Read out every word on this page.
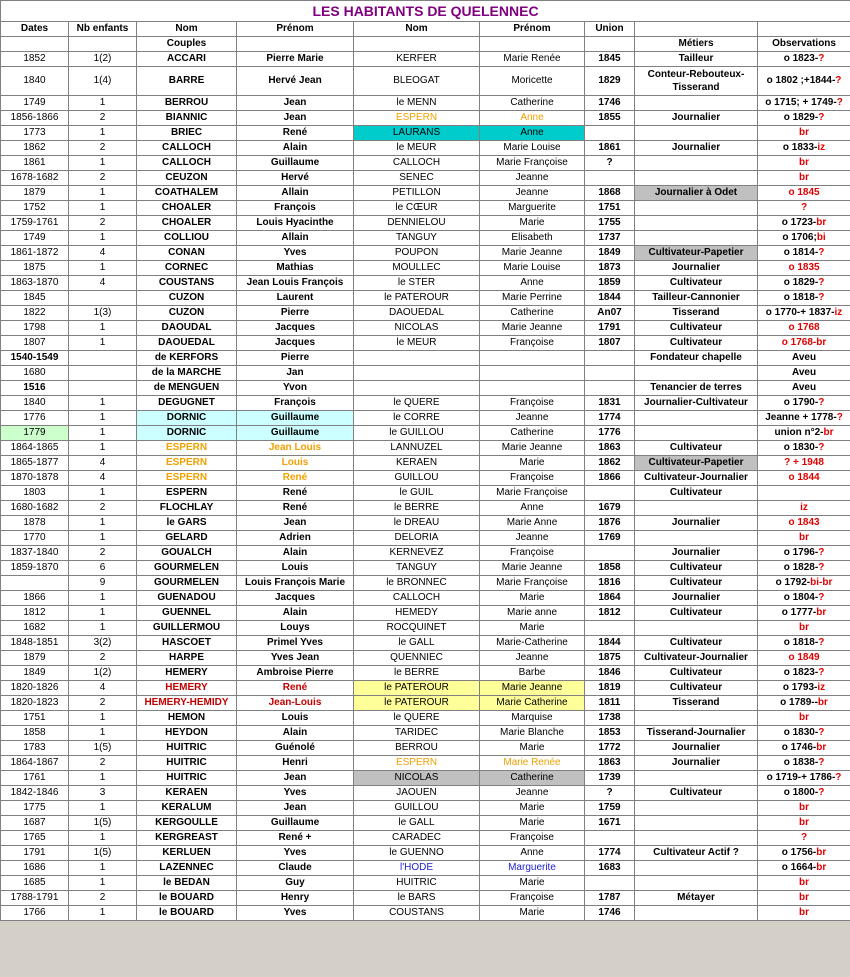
LES HABITANTS DE QUELENNEC								
Dates	Nb enfants	Nom	Prénom	Nom	Prénom	Union		
		Couples					Métiers	Observations
1852	1(2)	ACCARI	Pierre Marie	KERFER	Marie Renée	1845	Tailleur	o 1823-?
1840	1(4)	BARRE	Hervé Jean	BLEOGAT	Moricette	1829	Conteur-Rebouteux-Tisserand	o 1802 ;+1844-?
1749	1	BERROU	Jean	le MENN	Catherine	1746		o 1715; + 1749-?
1856-1866	2	BIANNIC	Jean	ESPERN	Anne	1855	Journalier	o 1829-?
1773	1	BRIEC	René	LAURANS	Anne			br
1862	2	CALLOCH	Alain	le MEUR	Marie Louise	1861	Journalier	o 1833-iz
1861	1	CALLOCH	Guillaume	CALLOCH	Marie Françoise	?		br
1678-1682	2	CEUZON	Hervé	SENEC	Jeanne			br
1879	1	COATHALEM	Allain	PETILLON	Jeanne	1868	Journalier à Odet	o 1845
1752	1	CHOALER	François	le CŒUR	Marguerite	1751		?
1759-1761	2	CHOALER	Louis Hyacinthe	DENNIELOU	Marie	1755		o 1723-br
1749	1	COLLIOU	Allain	TANGUY	Elisabeth	1737		o 1706;bi
1861-1872	4	CONAN	Yves	POUPON	Marie Jeanne	1849	Cultivateur-Papetier	o 1814-?
1875	1	CORNEC	Mathias	MOULLEC	Marie Louise	1873	Journalier	o 1835
1863-1870	4	COUSTANS	Jean Louis François	le STER	Anne	1859	Cultivateur	o 1829-?
1845		CUZON	Laurent	le PATEROUR	Marie Perrine	1844	Tailleur-Cannonier	o 1818-?
1822	1(3)	CUZON	Pierre	DAOUEDAL	Catherine	An07	Tisserand	o 1770-+ 1837-iz
1798	1	DAOUDAL	Jacques	NICOLAS	Marie Jeanne	1791	Cultivateur	o 1768
1807	1	DAOUEDAL	Jacques	le MEUR	Françoise	1807	Cultivateur	o 1768-br
1540-1549		de KERFORS	Pierre				Fondateur chapelle	Aveu
1680		de la MARCHE	Jan					Aveu
1516		de MENGUEN	Yvon				Tenancier de terres	Aveu
1840	1	DEGUGNET	François	le QUERE	Françoise	1831	Journalier-Cultivateur	o 1790-?
1776	1	DORNIC	Guillaume	le CORRE	Jeanne	1774		Jeanne + 1778-?
1779	1	DORNIC	Guillaume	le GUILLOU	Catherine	1776		union n°2-br
1864-1865	1	ESPERN	Jean Louis	LANNUZEL	Marie Jeanne	1863	Cultivateur	o 1830-?
1865-1877	4	ESPERN	Louis	KERAEN	Marie	1862	Cultivateur-Papetier	? + 1948
1870-1878	4	ESPERN	René	GUILLOU	Françoise	1866	Cultivateur-Journalier	o 1844
1803	1	ESPERN	René	le GUIL	Marie Françoise		Cultivateur	
1680-1682	2	FLOCHLAY	René	le BERRE	Anne	1679		iz
1878	1	le GARS	Jean	le DREAU	Marie Anne	1876	Journalier	o 1843
1770	1	GELARD	Adrien	DELORIA	Jeanne	1769		br
1837-1840	2	GOUALCH	Alain	KERNEVEZ	Françoise		Journalier	o 1796-?
1859-1870	6	GOURMELEN	Louis	TANGUY	Marie Jeanne	1858	Cultivateur	o 1828-?
	9	GOURMELEN	Louis François Marie	le BRONNEC	Marie Françoise	1816	Cultivateur	o 1792-bi-br
1866	1	GUENADOU	Jacques	CALLOCH	Marie	1864	Journalier	o 1804-?
1812	1	GUENNEL	Alain	HEMEDY	Marie anne	1812	Cultivateur	o 1777-br
1682	1	GUILLERMOU	Louys	ROCQUINET	Marie			br
1848-1851	3(2)	HASCOET	Primel Yves	le GALL	Marie-Catherine	1844	Cultivateur	o 1818-?
1879	2	HARPE	Yves Jean	QUENNIEC	Jeanne	1875	Cultivateur-Journalier	o 1849
1849	1(2)	HEMERY	Ambroise Pierre	le BERRE	Barbe	1846	Cultivateur	o 1823-?
1820-1826	4	HEMERY	René	le PATEROUR	Marie Jeanne	1819	Cultivateur	o 1793-iz
1820-1823	2	HEMERY-HEMIDY	Jean-Louis	le PATEROUR	Marie Catherine	1811	Tisserand	o 1789--br
1751	1	HEMON	Louis	le QUERE	Marquise	1738		br
1858	1	HEYDON	Alain	TARIDEC	Marie Blanche	1853	Tisserand-Journalier	o 1830-?
1783	1(5)	HUITRIC	Guénolé	BERROU	Marie	1772	Journalier	o 1746-br
1864-1867	2	HUITRIC	Henri	ESPERN	Marie Renée	1863	Journalier	o 1838-?
1761	1	HUITRIC	Jean	NICOLAS	Catherine	1739		o 1719-+ 1786-?
1842-1846	3	KERAEN	Yves	JAOUEN	Jeanne	?	Cultivateur	o 1800-?
1775	1	KERALUM	Jean	GUILLOU	Marie	1759		br
1687	1(5)	KERGOULLE	Guillaume	le GALL	Marie	1671		br
1765	1	KERGREAST	René +	CARADEC	Françoise			?
1791	1(5)	KERLUEN	Yves	le GUENNO	Anne	1774	Cultivateur Actif ?	o 1756-br
1686	1	LAZENNEC	Claude	l'HODE	Marguerite	1683		o 1664-br
1685	1	le BEDAN	Guy	HUITRIC	Marie			br
1788-1791	2	le BOUARD	Henry	le BARS	Françoise	1787	Métayer	br
1766	1	le BOUARD	Yves	COUSTANS	Marie	1746		br
